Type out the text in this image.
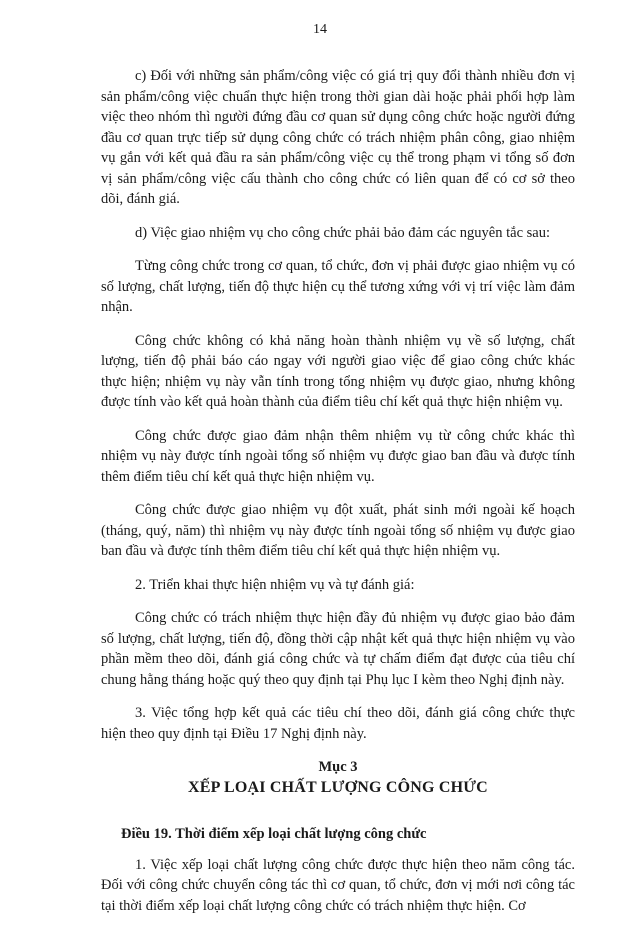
14

c) Đối với những sản phẩm/công việc có giá trị quy đổi thành nhiều đơn vị sản phẩm/công việc chuẩn thực hiện trong thời gian dài hoặc phải phối hợp làm việc theo nhóm thì người đứng đầu cơ quan sử dụng công chức hoặc người đứng đầu cơ quan trực tiếp sử dụng công chức có trách nhiệm phân công, giao nhiệm vụ gắn với kết quả đầu ra sản phẩm/công việc cụ thể trong phạm vi tổng số đơn vị sản phẩm/công việc cấu thành cho công chức có liên quan để có cơ sở theo dõi, đánh giá.

d) Việc giao nhiệm vụ cho công chức phải bảo đảm các nguyên tắc sau:

Từng công chức trong cơ quan, tổ chức, đơn vị phải được giao nhiệm vụ có số lượng, chất lượng, tiến độ thực hiện cụ thể tương xứng với vị trí việc làm đảm nhận.

Công chức không có khả năng hoàn thành nhiệm vụ về số lượng, chất lượng, tiến độ phải báo cáo ngay với người giao việc để giao công chức khác thực hiện; nhiệm vụ này vẫn tính trong tổng nhiệm vụ được giao, nhưng không được tính vào kết quả hoàn thành của điểm tiêu chí kết quả thực hiện nhiệm vụ.

Công chức được giao đảm nhận thêm nhiệm vụ từ công chức khác thì nhiệm vụ này được tính ngoài tổng số nhiệm vụ được giao ban đầu và được tính thêm điểm tiêu chí kết quả thực hiện nhiệm vụ.

Công chức được giao nhiệm vụ đột xuất, phát sinh mới ngoài kế hoạch (tháng, quý, năm) thì nhiệm vụ này được tính ngoài tổng số nhiệm vụ được giao ban đầu và được tính thêm điểm tiêu chí kết quả thực hiện nhiệm vụ.

2. Triển khai thực hiện nhiệm vụ và tự đánh giá:

Công chức có trách nhiệm thực hiện đầy đủ nhiệm vụ được giao bảo đảm số lượng, chất lượng, tiến độ, đồng thời cập nhật kết quả thực hiện nhiệm vụ vào phần mềm theo dõi, đánh giá công chức và tự chấm điểm đạt được của tiêu chí chung hằng tháng hoặc quý theo quy định tại Phụ lục I kèm theo Nghị định này.

3. Việc tổng hợp kết quả các tiêu chí theo dõi, đánh giá công chức thực hiện theo quy định tại Điều 17 Nghị định này.

Mục 3

XẾP LOẠI CHẤT LƯỢNG CÔNG CHỨC

Điều 19. Thời điểm xếp loại chất lượng công chức

1. Việc xếp loại chất lượng công chức được thực hiện theo năm công tác. Đối với công chức chuyển công tác thì cơ quan, tổ chức, đơn vị mới nơi công tác tại thời điểm xếp loại chất lượng công chức có trách nhiệm thực hiện. Cơ
